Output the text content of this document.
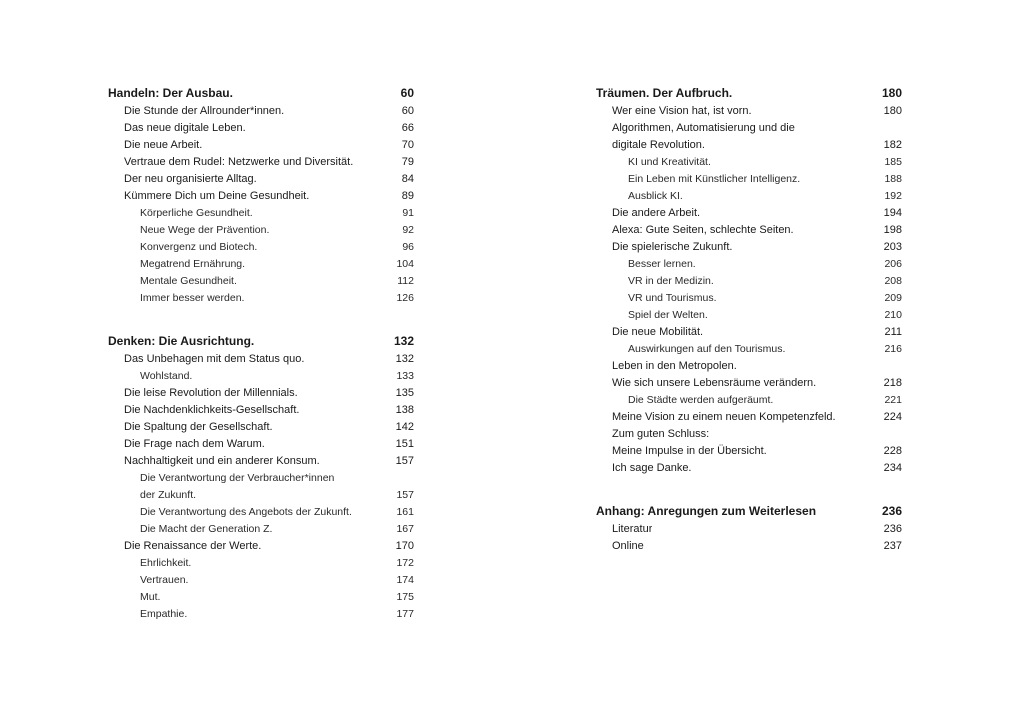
Handeln: Der Ausbau.	60
Die Stunde der Allrounder*innen.	60
Das neue digitale Leben.	66
Die neue Arbeit.	70
Vertraue dem Rudel: Netzwerke und Diversität.	79
Der neu organisierte Alltag.	84
Kümmere Dich um Deine Gesundheit.	89
Körperliche Gesundheit.	91
Neue Wege der Prävention.	92
Konvergenz und Biotech.	96
Megatrend Ernährung.	104
Mentale Gesundheit.	112
Immer besser werden.	126
Denken: Die Ausrichtung.	132
Das Unbehagen mit dem Status quo.	132
Wohlstand.	133
Die leise Revolution der Millennials.	135
Die Nachdenklichkeits-Gesellschaft.	138
Die Spaltung der Gesellschaft.	142
Die Frage nach dem Warum.	151
Nachhaltigkeit und ein anderer Konsum.	157
Die Verantwortung der Verbraucher*innen
der Zukunft.	157
Die Verantwortung des Angebots der Zukunft.	161
Die Macht der Generation Z.	167
Die Renaissance der Werte.	170
Ehrlichkeit.	172
Vertrauen.	174
Mut.	175
Empathie.	177
Träumen. Der Aufbruch.	180
Wer eine Vision hat, ist vorn.	180
Algorithmen, Automatisierung und die
digitale Revolution.	182
KI und Kreativität.	185
Ein Leben mit Künstlicher Intelligenz.	188
Ausblick KI.	192
Die andere Arbeit.	194
Alexa: Gute Seiten, schlechte Seiten.	198
Die spielerische Zukunft.	203
Besser lernen.	206
VR in der Medizin.	208
VR und Tourismus.	209
Spiel der Welten.	210
Die neue Mobilität.	211
Auswirkungen auf den Tourismus.	216
Leben in den Metropolen.
Wie sich unsere Lebensräume verändern.	218
Die Städte werden aufgeräumt.	221
Meine Vision zu einem neuen Kompetenzfeld.	224
Zum guten Schluss:
Meine Impulse in der Übersicht.	228
Ich sage Danke.	234
Anhang: Anregungen zum Weiterlesen	236
Literatur	236
Online	237
